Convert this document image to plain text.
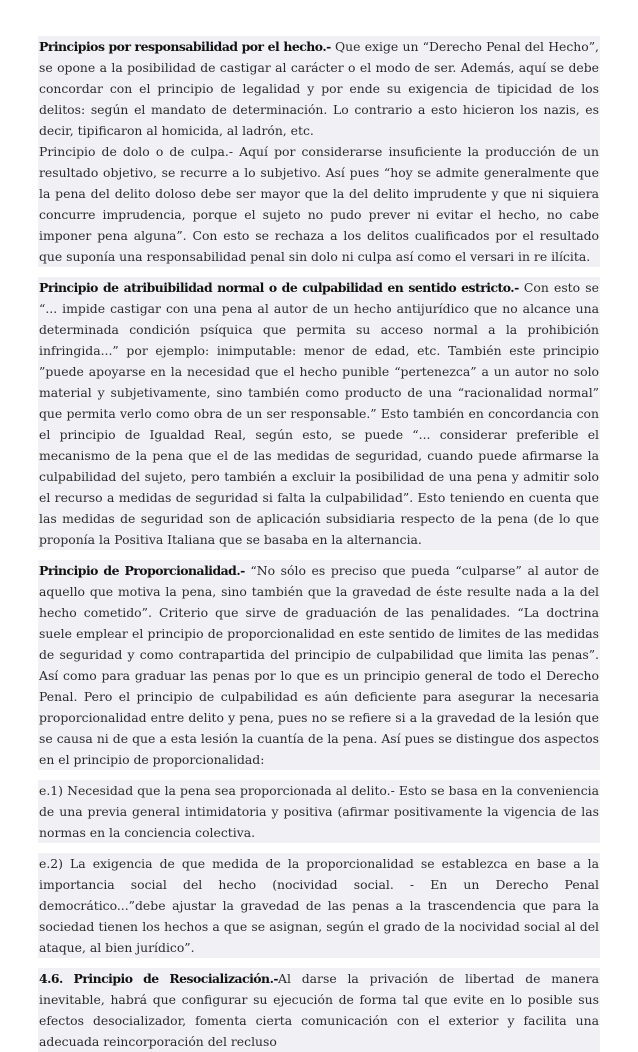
Principios por responsabilidad por el hecho.- Que exige un “Derecho Penal del Hecho”, se opone a la posibilidad de castigar al carácter o el modo de ser. Además, aquí se debe concordar con el principio de legalidad y por ende su exigencia de tipicidad de los delitos: según el mandato de determinación. Lo contrario a esto hicieron los nazis, es decir, tipificaron al homicida, al ladrón, etc.
Principio de dolo o de culpa.- Aquí por considerarse insuficiente la producción de un resultado objetivo, se recurre a lo subjetivo. Así pues “hoy se admite generalmente que la pena del delito doloso debe ser mayor que la del delito imprudente y que ni siquiera concurre imprudencia, porque el sujeto no pudo prever ni evitar el hecho, no cabe imponer pena alguna”. Con esto se rechaza a los delitos cualificados por el resultado que suponía una responsabilidad penal sin dolo ni culpa así como el versari in re ilícita.

Principio de atribuibilidad normal o de culpabilidad en sentido estricto.- Con esto se “... impide castigar con una pena al autor de un hecho antijurídico que no alcance una determinada condición psíquica que permita su acceso normal a la prohibición infringida...” por ejemplo: inimputable: menor de edad, etc. También este principio ”puede apoyarse en la necesidad que el hecho punible “pertenezca” a un autor no solo material y subjetivamente, sino también como producto de una “racionalidad normal” que permita verlo como obra de un ser responsable.” Esto también en concordancia con el principio de Igualdad Real, según esto, se puede “... considerar preferible el mecanismo de la pena que el de las medidas de seguridad, cuando puede afirmarse la culpabilidad del sujeto, pero también a excluir la posibilidad de una pena y admitir solo el recurso a medidas de seguridad si falta la culpabilidad”. Esto teniendo en cuenta que las medidas de seguridad son de aplicación subsidiaria respecto de la pena (de lo que proponía la Positiva Italiana que se basaba en la alternancia.

Principio de Proporcionalidad.- “No sólo es preciso que pueda “culparse” al autor de aquello que motiva la pena, sino también que la gravedad de éste resulte nada a la del hecho cometido”. Criterio que sirve de graduación de las penalidades. “La doctrina suele emplear el principio de proporcionalidad en este sentido de limites de las medidas de seguridad y como contrapartida del principio de culpabilidad que limita las penas”. Así como para graduar las penas por lo que es un principio general de todo el Derecho Penal. Pero el principio de culpabilidad es aún deficiente para asegurar la necesaria proporcionalidad entre delito y pena, pues no se refiere si a la gravedad de la lesión que se causa ni de que a esta lesión la cuantía de la pena. Así pues se distingue dos aspectos en el principio de proporcionalidad:

e.1) Necesidad que la pena sea proporcionada al delito.- Esto se basa en la conveniencia de una previa general intimidatoria y positiva (afirmar positivamente la vigencia de las normas en la conciencia colectiva.

e.2) La exigencia de que medida de la proporcionalidad se establezca en base a la importancia social del hecho (nocividad social. - En un Derecho Penal democrático...”debe ajustar la gravedad de las penas a la trascendencia que para la sociedad tienen los hechos a que se asignan, según el grado de la nocividad social al del ataque, al bien jurídico”.

4.6. Principio de Resocialización.-Al darse la privación de libertad de manera inevitable, habrá que configurar su ejecución de forma tal que evite en lo posible sus efectos desocializador, fomenta cierta comunicación con el exterior y facilita una adecuada reincorporación del recluso
